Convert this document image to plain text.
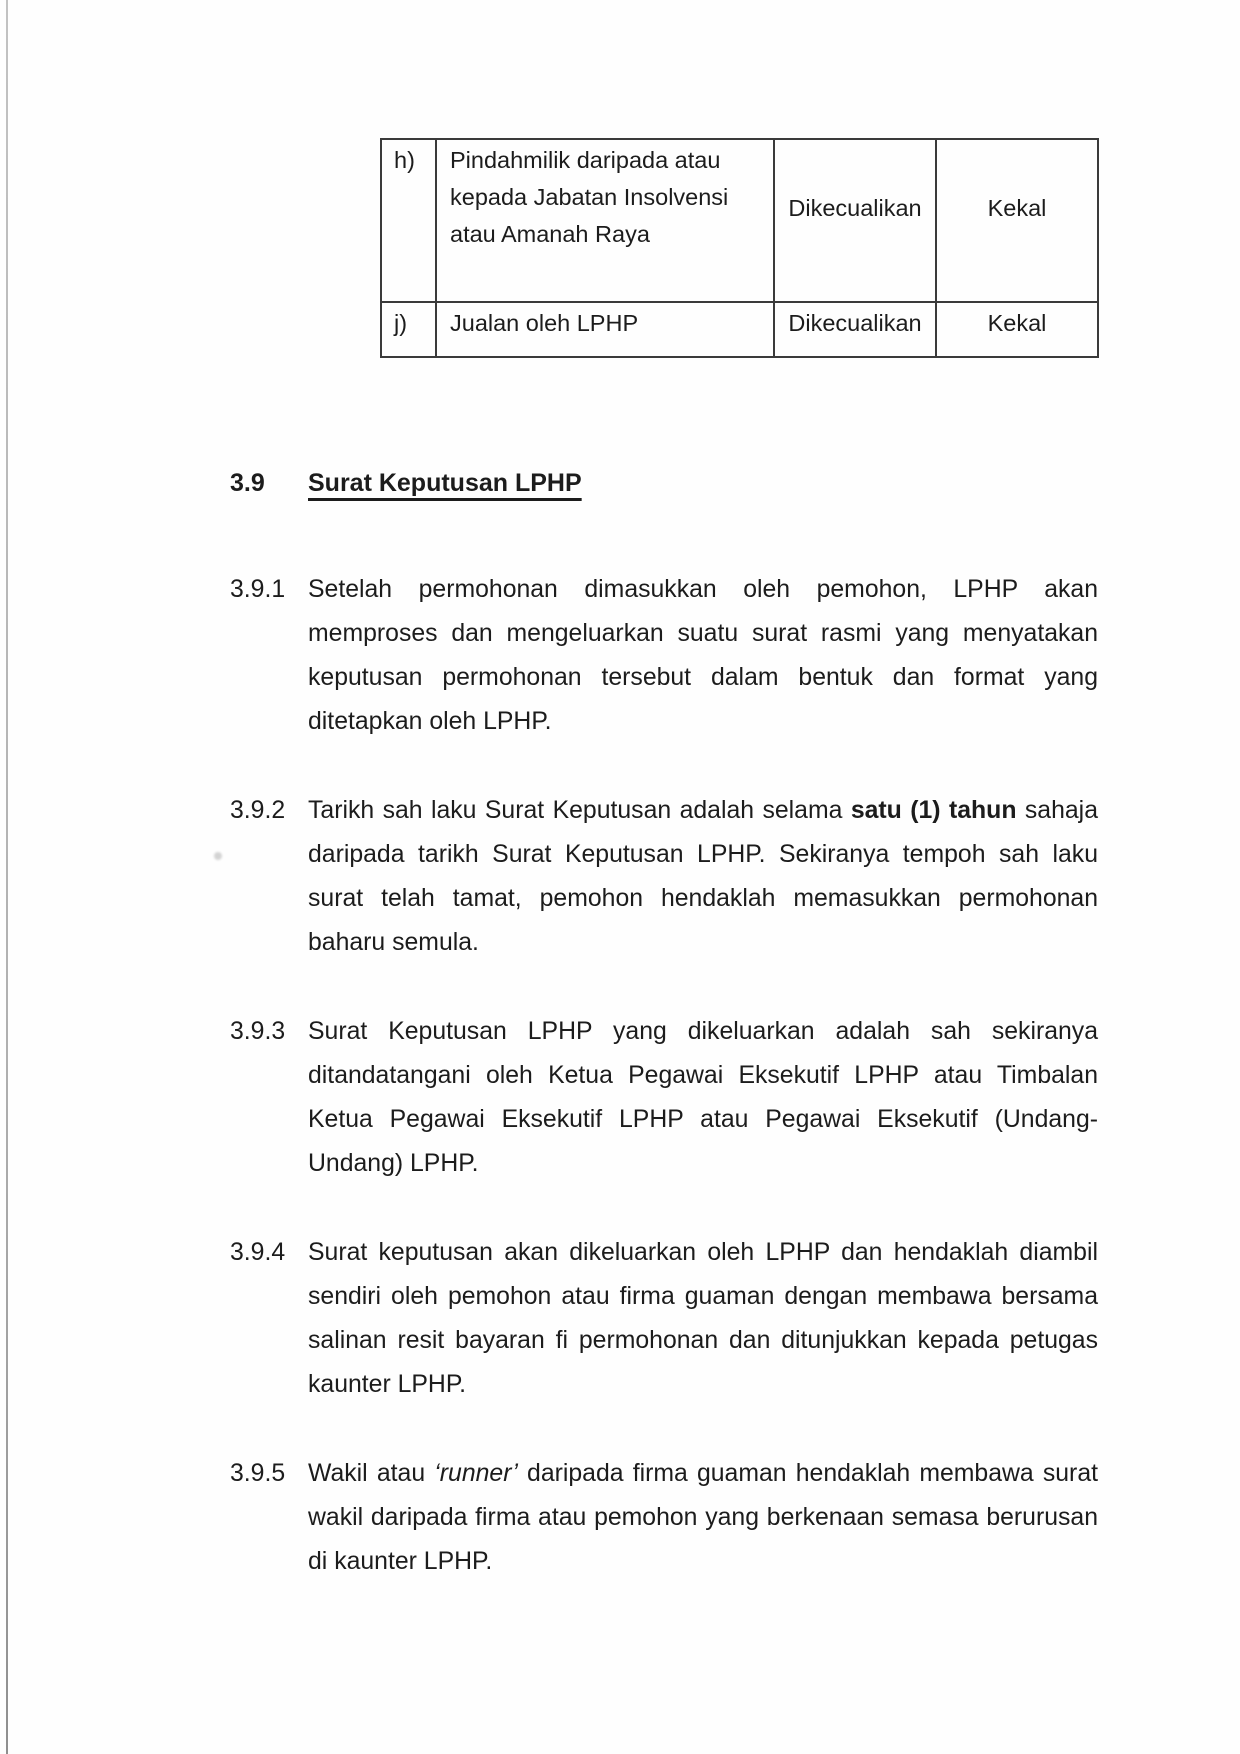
h)	Pindahmilik daripada atau kepada Jabatan Insolvensi atau Amanah Raya	Dikecualikan	Kekal
j)	Jualan oleh LPHP	Dikecualikan	Kekal
3.9	Surat Keputusan LPHP
3.9.1 Setelah permohonan dimasukkan oleh pemohon, LPHP akan memproses dan mengeluarkan suatu surat rasmi yang menyatakan keputusan permohonan tersebut dalam bentuk dan format yang ditetapkan oleh LPHP.
3.9.2 Tarikh sah laku Surat Keputusan adalah selama satu (1) tahun sahaja daripada tarikh Surat Keputusan LPHP. Sekiranya tempoh sah laku surat telah tamat, pemohon hendaklah memasukkan permohonan baharu semula.
3.9.3 Surat Keputusan LPHP yang dikeluarkan adalah sah sekiranya ditandatangani oleh Ketua Pegawai Eksekutif LPHP atau Timbalan Ketua Pegawai Eksekutif LPHP atau Pegawai Eksekutif (Undang-Undang) LPHP.
3.9.4 Surat keputusan akan dikeluarkan oleh LPHP dan hendaklah diambil sendiri oleh pemohon atau firma guaman dengan membawa bersama salinan resit bayaran fi permohonan dan ditunjukkan kepada petugas kaunter LPHP.
3.9.5 Wakil atau ‘runner’ daripada firma guaman hendaklah membawa surat wakil daripada firma atau pemohon yang berkenaan semasa berurusan di kaunter LPHP.
